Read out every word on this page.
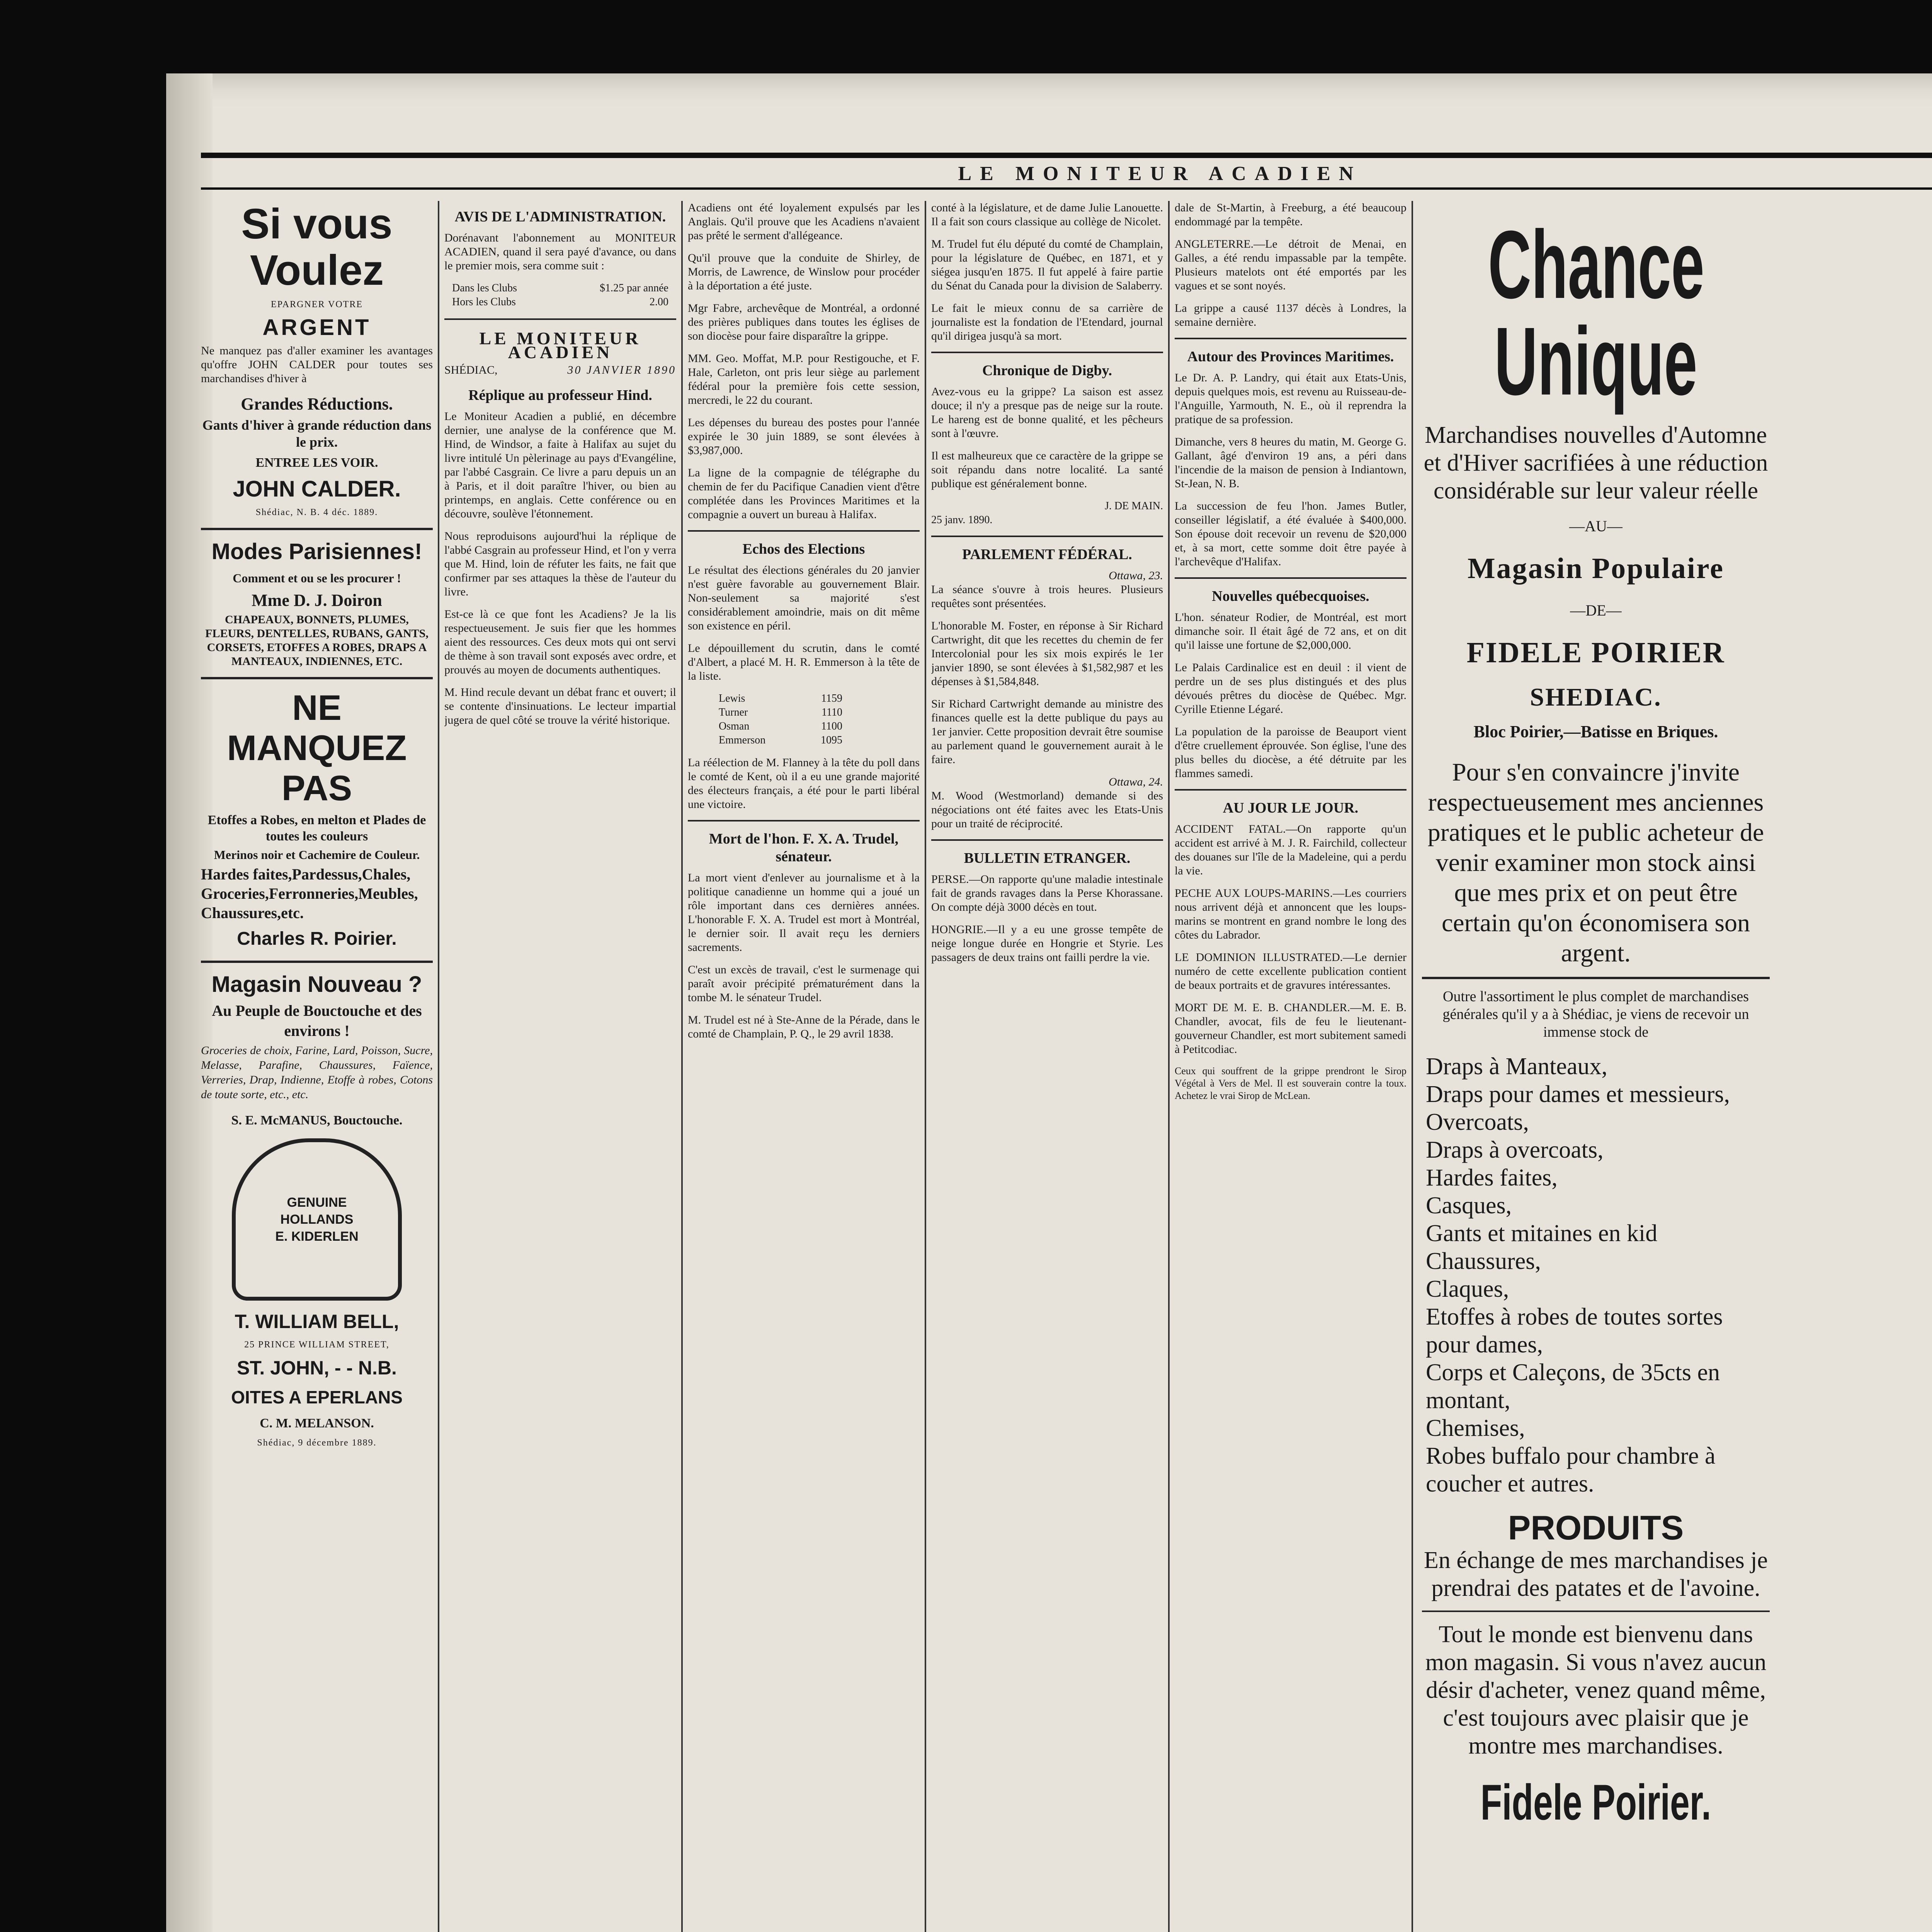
LE MONITEUR ACADIEN
Si vous Voulez
EPARGNER VOTRE
ARGENT

Ne manquez pas d'aller examiner les avantages qu'offre JOHN CALDER pour toutes ses marchandises d'hiver à

Grandes Réductions.
Gants d'hiver à grande réduction dans le prix.
ENTREE LES VOIR.
JOHN CALDER.
Shédiac, N. B. 4 déc. 1889.
Modes Parisiennes!
Comment et ou se les procurer !
Mme D. J. Doiron

CHAPEAUX, BONNETS, PLUMES, FLEURS, DENTELLES, RUBANS, GANTS, CORSETS, ETOFFES A ROBES, DRAPS A MANTEAUX, INDIENNES, ETC.

NE MANQUEZ PAS
Etoffes a Robes, en melton et Plades de toutes les couleurs
Merinos noir et Cachemire de Couleur.
Hardes faites,Pardessus,Chales, Groceries,Ferronneries,Meubles, Chaussures,etc.
Charles R. Poirier.
Magasin Nouveau ?
Au Peuple de Bouctouche et des environs !

Groceries de choix, Farine, Lard, Poisson, Sucre, Melasse, Parafine, Chaussures, Faïence, Verreries, Drap, Indienne, Etoffe à robes, Cotons de toute sorte, etc., etc.

S. E. McMANUS, Bouctouche.
GENUINE
HOLLANDS
E. KIDERLEN
T. WILLIAM BELL,
25 PRINCE WILLIAM STREET,
ST. JOHN, - - N.B.
OITES A EPERLANS
C. M. MELANSON.
Shédiac, 9 décembre 1889.
AVIS DE L'ADMINISTRATION.

Dorénavant l'abonnement au MONITEUR ACADIEN, quand il sera payé d'avance, ou dans le premier mois, sera comme suit :

Dans les Clubs	$1.25 par année
Hors les Clubs	2.00
LE MONITEUR ACADIEN
SHÉDIAC,	30 JANVIER 1890
Réplique au professeur Hind.

Le Moniteur Acadien a publié, en décembre dernier, une analyse de la conférence que M. Hind, de Windsor, a faite à Halifax au sujet du livre intitulé Un pèlerinage au pays d'Evangéline, par l'abbé Casgrain. Ce livre a paru depuis un an à Paris, et il doit paraître l'hiver, ou bien au printemps, en anglais. Cette conférence ou en découvre, soulève l'étonnement.

Nous reproduisons aujourd'hui la réplique de l'abbé Casgrain au professeur Hind, et l'on y verra que M. Hind, loin de réfuter les faits, ne fait que confirmer par ses attaques la thèse de l'auteur du livre.

Est-ce là ce que font les Acadiens? Je la lis respectueusement. Je suis fier que les hommes aient des ressources. Ces deux mots qui ont servi de thème à son travail sont exposés avec ordre, et prouvés au moyen de documents authentiques.

M. Hind recule devant un débat franc et ouvert; il se contente d'insinuations. Le lecteur impartial jugera de quel côté se trouve la vérité historique.

Acadiens ont été loyalement expulsés par les Anglais. Qu'il prouve que les Acadiens n'avaient pas prêté le serment d'allégeance.

Qu'il prouve que la conduite de Shirley, de Morris, de Lawrence, de Winslow pour procéder à la déportation a été juste.

Mgr Fabre, archevêque de Montréal, a ordonné des prières publiques dans toutes les églises de son diocèse pour faire disparaître la grippe.

MM. Geo. Moffat, M.P. pour Restigouche, et F. Hale, Carleton, ont pris leur siège au parlement fédéral pour la première fois cette session, mercredi, le 22 du courant.

Les dépenses du bureau des postes pour l'année expirée le 30 juin 1889, se sont élevées à $3,987,000.

La ligne de la compagnie de télégraphe du chemin de fer du Pacifique Canadien vient d'être complétée dans les Provinces Maritimes et la compagnie a ouvert un bureau à Halifax.

Echos des Elections

Le résultat des élections générales du 20 janvier n'est guère favorable au gouvernement Blair. Non-seulement sa majorité s'est considérablement amoindrie, mais on dit même son existence en péril.

Le dépouillement du scrutin, dans le comté d'Albert, a placé M. H. R. Emmerson à la tête de la liste.

Lewis	1159
Turner	1110
Osman	1100
Emmerson	1095

La réélection de M. Flanney à la tête du poll dans le comté de Kent, où il a eu une grande majorité des électeurs français, a été pour le parti libéral une victoire.

Mort de l'hon. F. X. A. Trudel, sénateur.

La mort vient d'enlever au journalisme et à la politique canadienne un homme qui a joué un rôle important dans ces dernières années. L'honorable F. X. A. Trudel est mort à Montréal, le dernier soir. Il avait reçu les derniers sacrements.

C'est un excès de travail, c'est le surmenage qui paraît avoir précipité prématurément dans la tombe M. le sénateur Trudel.

M. Trudel est né à Ste-Anne de la Pérade, dans le comté de Champlain, P. Q., le 29 avril 1838.

conté à la législature, et de dame Julie Lanouette. Il a fait son cours classique au collège de Nicolet.

M. Trudel fut élu député du comté de Champlain, pour la législature de Québec, en 1871, et y siégea jusqu'en 1875. Il fut appelé à faire partie du Sénat du Canada pour la division de Salaberry.

Le fait le mieux connu de sa carrière de journaliste est la fondation de l'Etendard, journal qu'il dirigea jusqu'à sa mort.

Chronique de Digby.

Avez-vous eu la grippe? La saison est assez douce; il n'y a presque pas de neige sur la route. Le hareng est de bonne qualité, et les pêcheurs sont à l'œuvre.

Il est malheureux que ce caractère de la grippe se soit répandu dans notre localité. La santé publique est généralement bonne.

J. DE MAIN.
25 janv. 1890.
PARLEMENT FÉDÉRAL.
Ottawa, 23.

La séance s'ouvre à trois heures. Plusieurs requêtes sont présentées.

L'honorable M. Foster, en réponse à Sir Richard Cartwright, dit que les recettes du chemin de fer Intercolonial pour les six mois expirés le 1er janvier 1890, se sont élevées à $1,582,987 et les dépenses à $1,584,848.

Sir Richard Cartwright demande au ministre des finances quelle est la dette publique du pays au 1er janvier. Cette proposition devrait être soumise au parlement quand le gouvernement aurait à le faire.

Ottawa, 24.

M. Wood (Westmorland) demande si des négociations ont été faites avec les Etats-Unis pour un traité de réciprocité.

BULLETIN ETRANGER.

PERSE.—On rapporte qu'une maladie intestinale fait de grands ravages dans la Perse Khorassane. On compte déjà 3000 décès en tout.

HONGRIE.—Il y a eu une grosse tempête de neige longue durée en Hongrie et Styrie. Les passagers de deux trains ont failli perdre la vie.

dale de St-Martin, à Freeburg, a été beaucoup endommagé par la tempête.

ANGLETERRE.—Le détroit de Menai, en Galles, a été rendu impassable par la tempête. Plusieurs matelots ont été emportés par les vagues et se sont noyés.

La grippe a causé 1137 décès à Londres, la semaine dernière.

Autour des Provinces Maritimes.

Le Dr. A. P. Landry, qui était aux Etats-Unis, depuis quelques mois, est revenu au Ruisseau-de-l'Anguille, Yarmouth, N. E., où il reprendra la pratique de sa profession.

Dimanche, vers 8 heures du matin, M. George G. Gallant, âgé d'environ 19 ans, a péri dans l'incendie de la maison de pension à Indiantown, St-Jean, N. B.

La succession de feu l'hon. James Butler, conseiller législatif, a été évaluée à $400,000. Son épouse doit recevoir un revenu de $20,000 et, à sa mort, cette somme doit être payée à l'archevêque d'Halifax.

Nouvelles québecquoises.

L'hon. sénateur Rodier, de Montréal, est mort dimanche soir. Il était âgé de 72 ans, et on dit qu'il laisse une fortune de $2,000,000.

Le Palais Cardinalice est en deuil : il vient de perdre un de ses plus distingués et des plus dévoués prêtres du diocèse de Québec. Mgr. Cyrille Etienne Légaré.

La population de la paroisse de Beauport vient d'être cruellement éprouvée. Son église, l'une des plus belles du diocèse, a été détruite par les flammes samedi.

AU JOUR LE JOUR.

ACCIDENT FATAL.—On rapporte qu'un accident est arrivé à M. J. R. Fairchild, collecteur des douanes sur l'île de la Madeleine, qui a perdu la vie.

PECHE AUX LOUPS-MARINS.—Les courriers nous arrivent déjà et annoncent que les loups-marins se montrent en grand nombre le long des côtes du Labrador.

LE DOMINION ILLUSTRATED.—Le dernier numéro de cette excellente publication contient de beaux portraits et de gravures intéressantes.

MORT DE M. E. B. CHANDLER.—M. E. B. Chandler, avocat, fils de feu le lieutenant-gouverneur Chandler, est mort subitement samedi à Petitcodiac.

Ceux qui souffrent de la grippe prendront le Sirop Végétal à Vers de Mel. Il est souverain contre la toux. Achetez le vrai Sirop de McLean.

Chance
Unique
Marchandises nouvelles d'Automne et d'Hiver sacrifiées à une réduction considérable sur leur valeur réelle
—AU—
Magasin Populaire
—DE—
FIDELE POIRIER
SHEDIAC.
Bloc Poirier,—Batisse en Briques.
Pour s'en convaincre j'invite respectueusement mes anciennes pratiques et le public acheteur de venir examiner mon stock ainsi que mes prix et on peut être certain qu'on économisera son argent.
Outre l'assortiment le plus complet de marchandises générales qu'il y a à Shédiac, je viens de recevoir un immense stock de
Draps à Manteaux,
Draps pour dames et messieurs,
Overcoats,
Draps à overcoats,
Hardes faites,
Casques,
Gants et mitaines en kid
Chaussures,
Claques,
Etoffes à robes de toutes sortes pour dames,
Corps et Caleçons, de 35cts en montant,
Chemises,
Robes buffalo pour chambre à coucher et autres.
PRODUITS
En échange de mes marchandises je prendrai des patates et de l'avoine.
Tout le monde est bienvenu dans mon magasin. Si vous n'avez aucun désir d'acheter, venez quand même, c'est toujours avec plaisir que je montre mes marchandises.
Fidele Poirier.
